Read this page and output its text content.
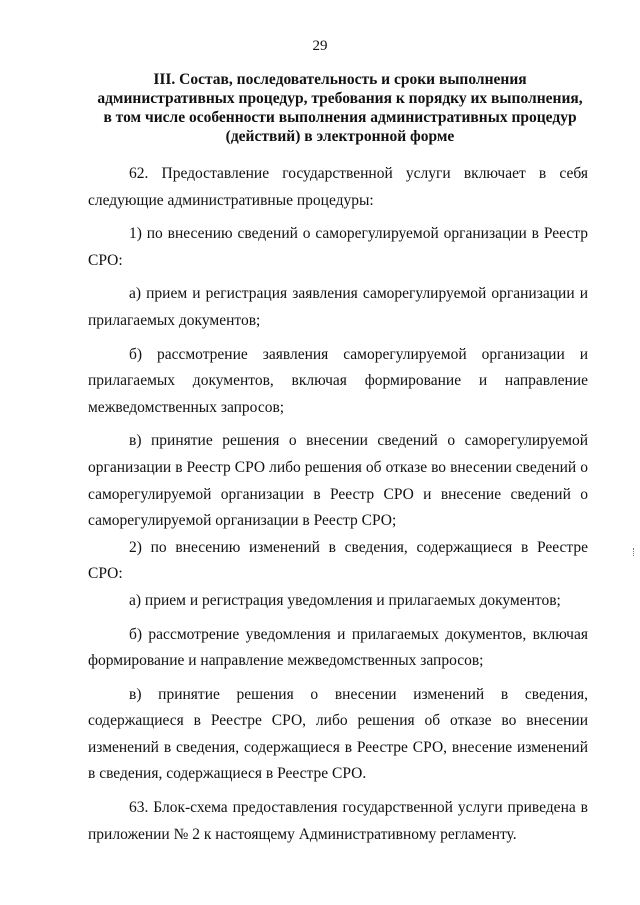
29
III. Состав, последовательность и сроки выполнения
административных процедур, требования к порядку их выполнения,
в том числе особенности выполнения административных процедур
(действий) в электронной форме

62. Предоставление государственной услуги включает в себя следующие административные процедуры:

1) по внесению сведений о саморегулируемой организации в Реестр СРО:

а) прием и регистрация заявления саморегулируемой организации и прилагаемых документов;

б) рассмотрение заявления саморегулируемой организации и прилагаемых документов, включая формирование и направление межведомственных запросов;

в) принятие решения о внесении сведений о саморегулируемой организации в Реестр СРО либо решения об отказе во внесении сведений о саморегулируемой организации в Реестр СРО и внесение сведений о саморегулируемой организации в Реестр СРО;

2) по внесению изменений в сведения, содержащиеся в Реестре СРО:

а) прием и регистрация уведомления и прилагаемых документов;

б) рассмотрение уведомления и прилагаемых документов, включая формирование и направление межведомственных запросов;

в) принятие решения о внесении изменений в сведения, содержащиеся в Реестре СРО, либо решения об отказе во внесении изменений в сведения, содержащиеся в Реестре СРО, внесение изменений в сведения, содержащиеся в Реестре СРО.

63. Блок-схема предоставления государственной услуги приведена в приложении № 2 к настоящему Административному регламенту.
